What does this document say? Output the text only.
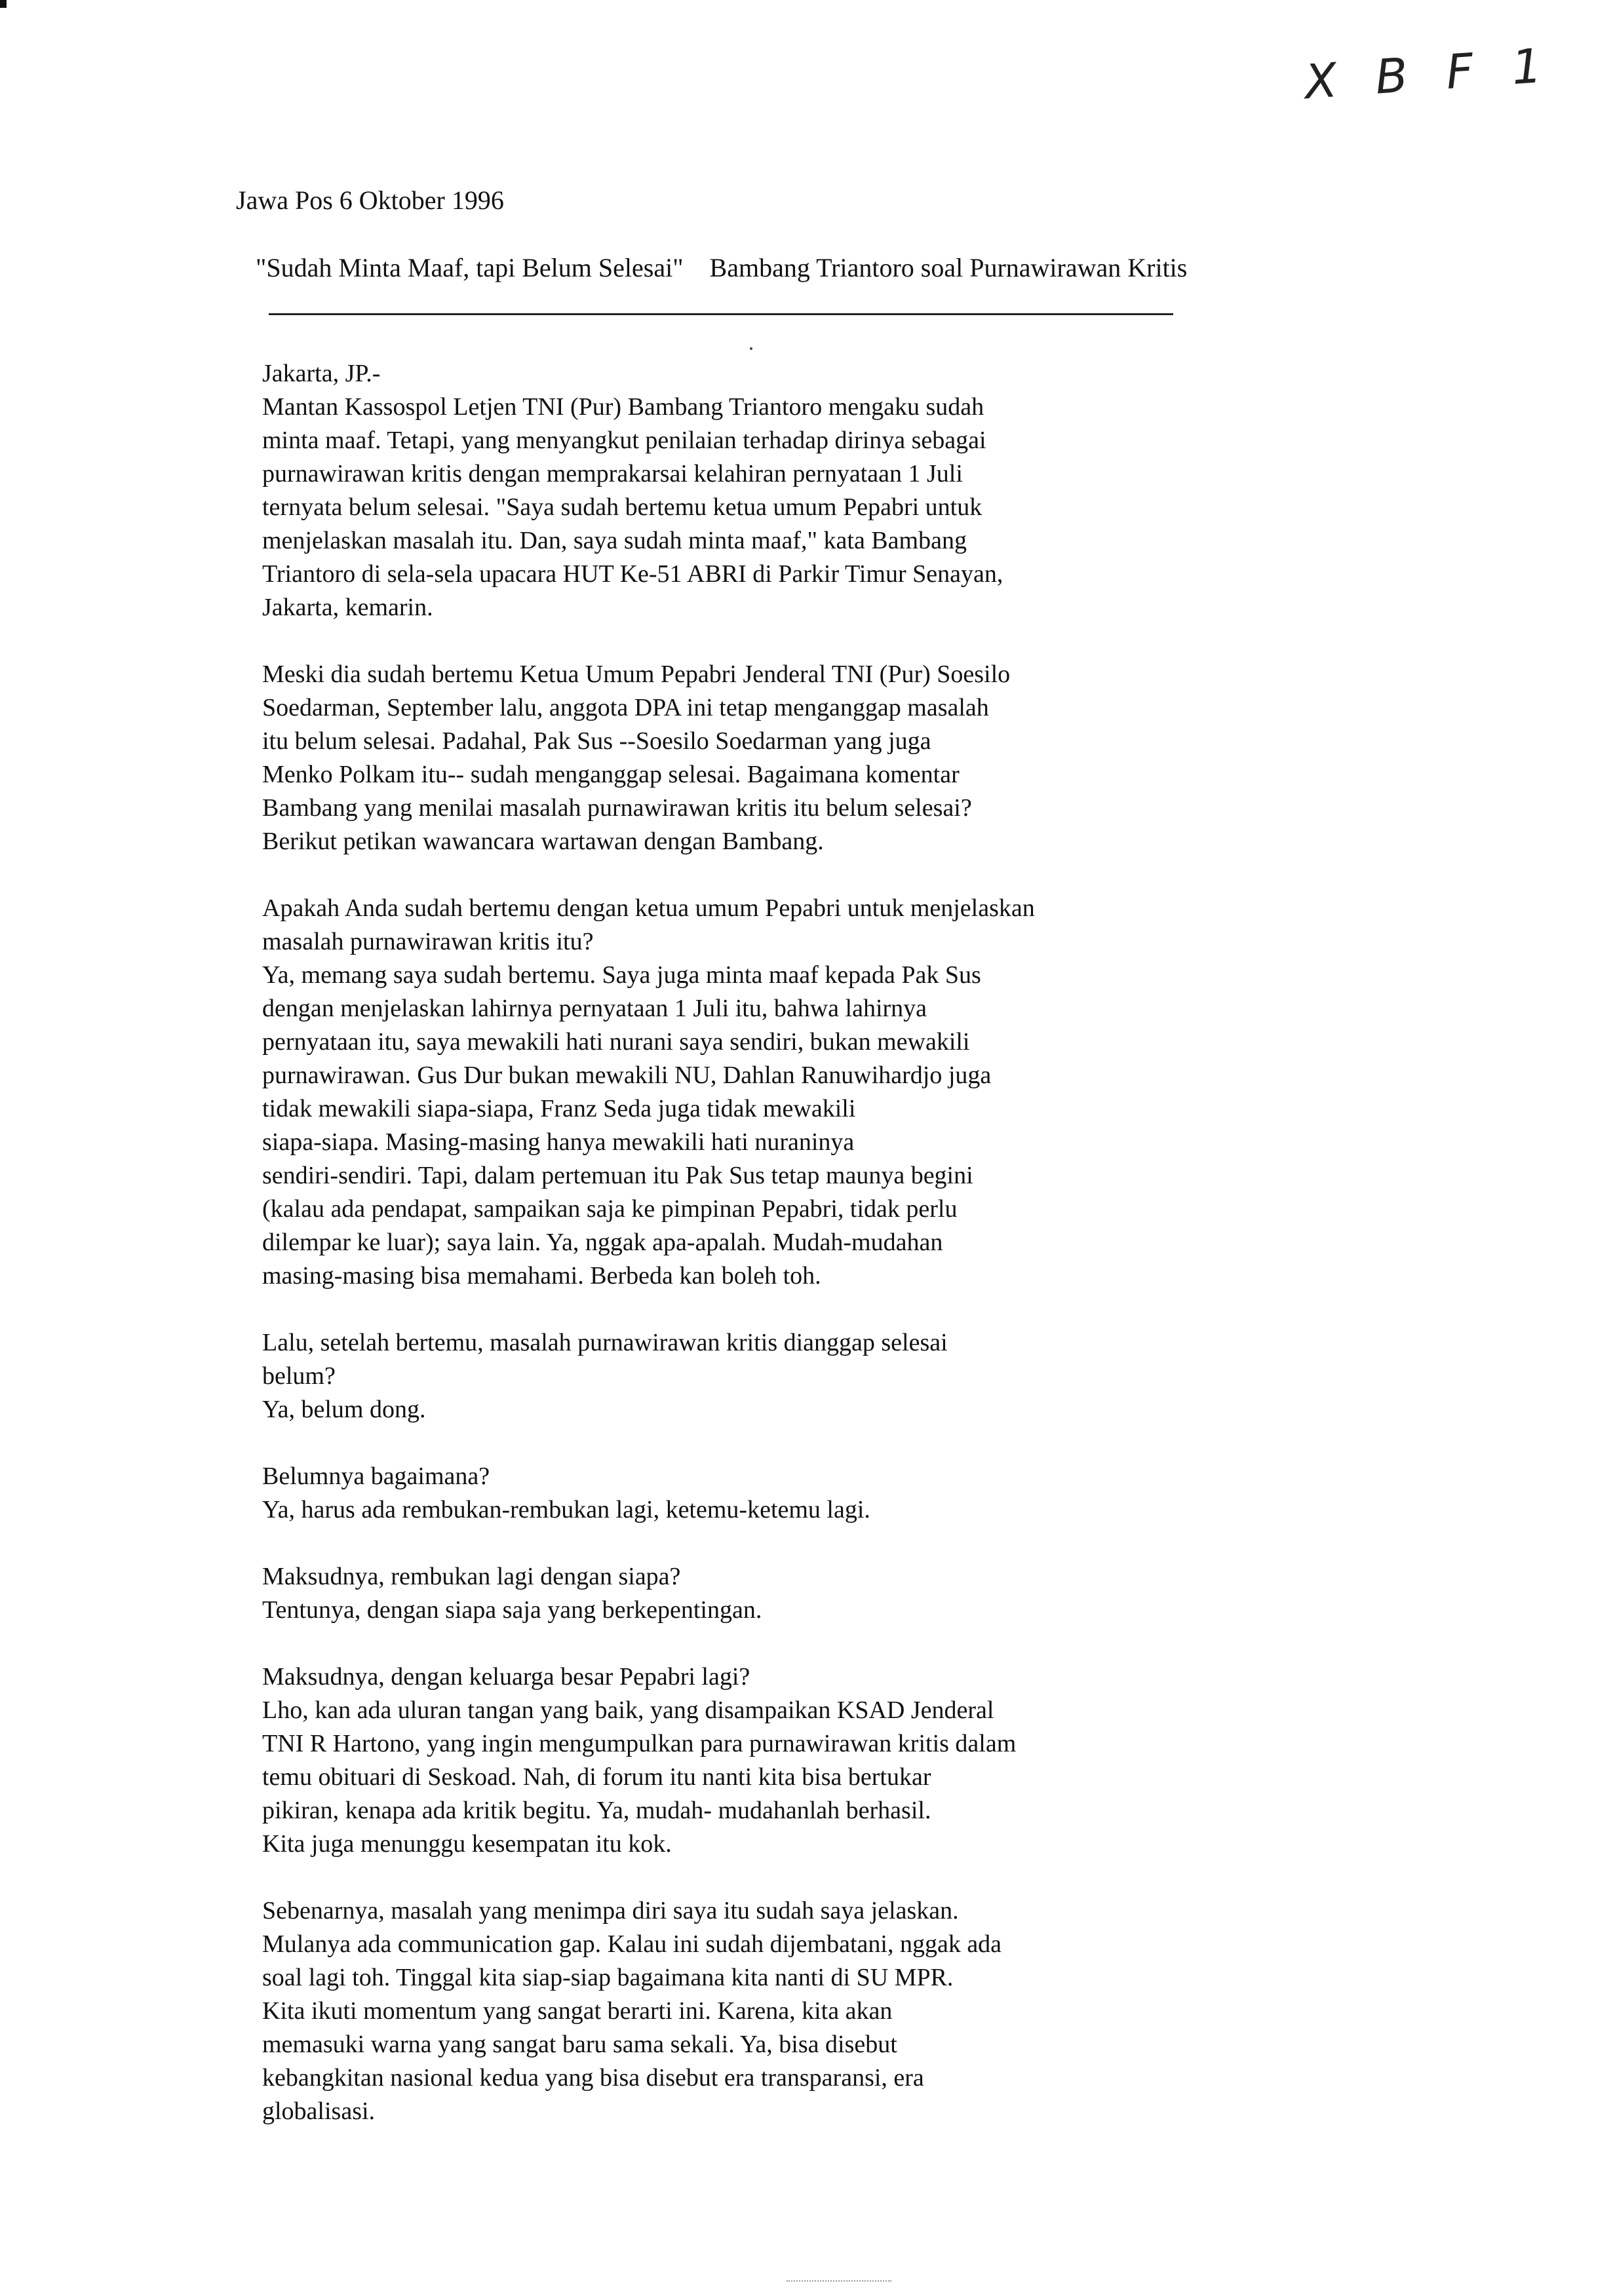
X B F 1
Jawa Pos 6 Oktober 1996
"Sudah Minta Maaf, tapi Belum Selesai" Bambang Triantoro soal Purnawirawan Kritis
Jakarta, JP.-
Mantan Kassospol Letjen TNI (Pur) Bambang Triantoro mengaku sudah
minta maaf. Tetapi, yang menyangkut penilaian terhadap dirinya sebagai
purnawirawan kritis dengan memprakarsai kelahiran pernyataan 1 Juli
ternyata belum selesai. "Saya sudah bertemu ketua umum Pepabri untuk
menjelaskan masalah itu. Dan, saya sudah minta maaf," kata Bambang
Triantoro di sela-sela upacara HUT Ke-51 ABRI di Parkir Timur Senayan,
Jakarta, kemarin.
Meski dia sudah bertemu Ketua Umum Pepabri Jenderal TNI (Pur) Soesilo
Soedarman, September lalu, anggota DPA ini tetap menganggap masalah
itu belum selesai. Padahal, Pak Sus --Soesilo Soedarman yang juga
Menko Polkam itu-- sudah menganggap selesai. Bagaimana komentar
Bambang yang menilai masalah purnawirawan kritis itu belum selesai?
Berikut petikan wawancara wartawan dengan Bambang.
Apakah Anda sudah bertemu dengan ketua umum Pepabri untuk menjelaskan
masalah purnawirawan kritis itu?
Ya, memang saya sudah bertemu. Saya juga minta maaf kepada Pak Sus
dengan menjelaskan lahirnya pernyataan 1 Juli itu, bahwa lahirnya
pernyataan itu, saya mewakili hati nurani saya sendiri, bukan mewakili
purnawirawan. Gus Dur bukan mewakili NU, Dahlan Ranuwihardjo juga
tidak mewakili siapa-siapa, Franz Seda juga tidak mewakili
siapa-siapa. Masing-masing hanya mewakili hati nuraninya
sendiri-sendiri. Tapi, dalam pertemuan itu Pak Sus tetap maunya begini
(kalau ada pendapat, sampaikan saja ke pimpinan Pepabri, tidak perlu
dilempar ke luar); saya lain. Ya, nggak apa-apalah. Mudah-mudahan
masing-masing bisa memahami. Berbeda kan boleh toh.
Lalu, setelah bertemu, masalah purnawirawan kritis dianggap selesai
belum?
Ya, belum dong.
Belumnya bagaimana?
Ya, harus ada rembukan-rembukan lagi, ketemu-ketemu lagi.
Maksudnya, rembukan lagi dengan siapa?
Tentunya, dengan siapa saja yang berkepentingan.
Maksudnya, dengan keluarga besar Pepabri lagi?
Lho, kan ada uluran tangan yang baik, yang disampaikan KSAD Jenderal
TNI R Hartono, yang ingin mengumpulkan para purnawirawan kritis dalam
temu obituari di Seskoad. Nah, di forum itu nanti kita bisa bertukar
pikiran, kenapa ada kritik begitu. Ya, mudah- mudahanlah berhasil.
Kita juga menunggu kesempatan itu kok.
Sebenarnya, masalah yang menimpa diri saya itu sudah saya jelaskan.
Mulanya ada communication gap. Kalau ini sudah dijembatani, nggak ada
soal lagi toh. Tinggal kita siap-siap bagaimana kita nanti di SU MPR.
Kita ikuti momentum yang sangat berarti ini. Karena, kita akan
memasuki warna yang sangat baru sama sekali. Ya, bisa disebut
kebangkitan nasional kedua yang bisa disebut era transparansi, era
globalisasi.
